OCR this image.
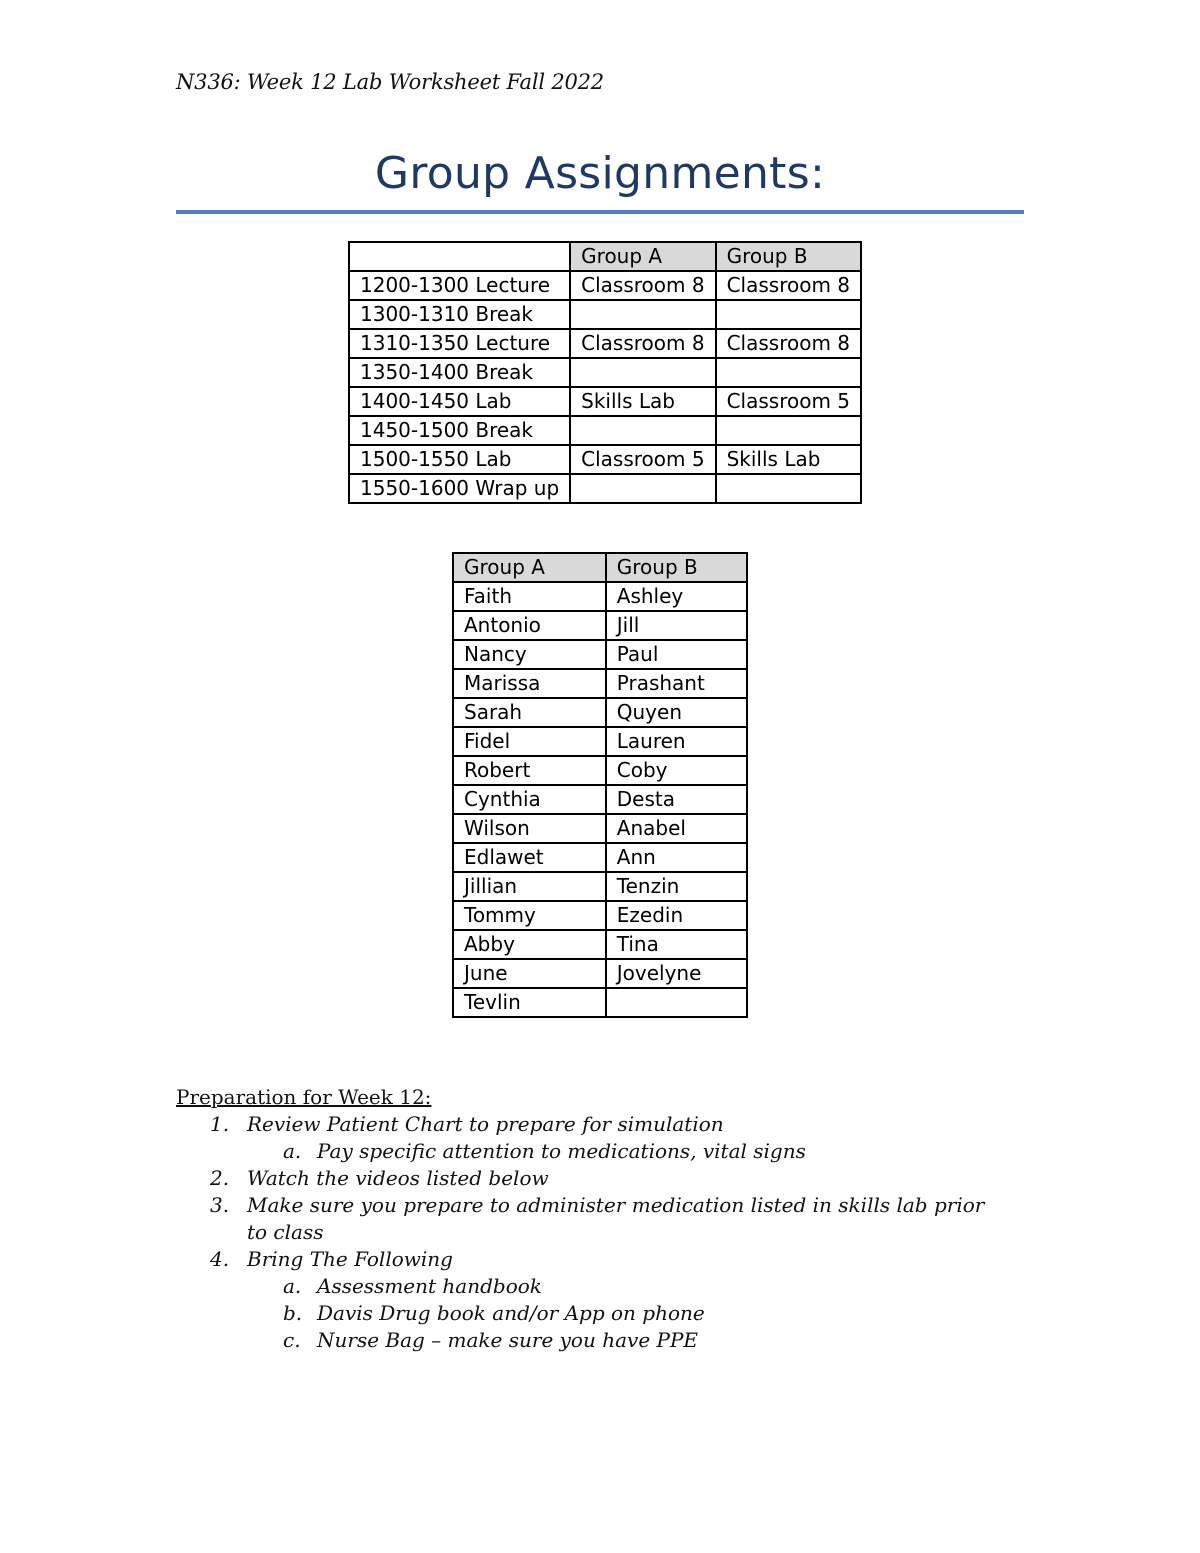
N336: Week 12 Lab Worksheet Fall 2022
Group Assignments:
	Group A	Group B
1200-1300 Lecture	Classroom 8	Classroom 8
1300-1310 Break		
1310-1350 Lecture	Classroom 8	Classroom 8
1350-1400 Break		
1400-1450 Lab	Skills Lab	Classroom 5
1450-1500 Break		
1500-1550 Lab	Classroom 5	Skills Lab
1550-1600 Wrap up		
Group A	Group B
Faith	Ashley
Antonio	Jill
Nancy	Paul
Marissa	Prashant
Sarah	Quyen
Fidel	Lauren
Robert	Coby
Cynthia	Desta
Wilson	Anabel
Edlawet	Ann
Jillian	Tenzin
Tommy	Ezedin
Abby	Tina
June	Jovelyne
Tevlin	
Preparation for Week 12:
1. Review Patient Chart to prepare for simulation
a. Pay specific attention to medications, vital signs
2. Watch the videos listed below
3. Make sure you prepare to administer medication listed in skills lab prior to class
4. Bring The Following
a. Assessment handbook
b. Davis Drug book and/or App on phone
c. Nurse Bag – make sure you have PPE
